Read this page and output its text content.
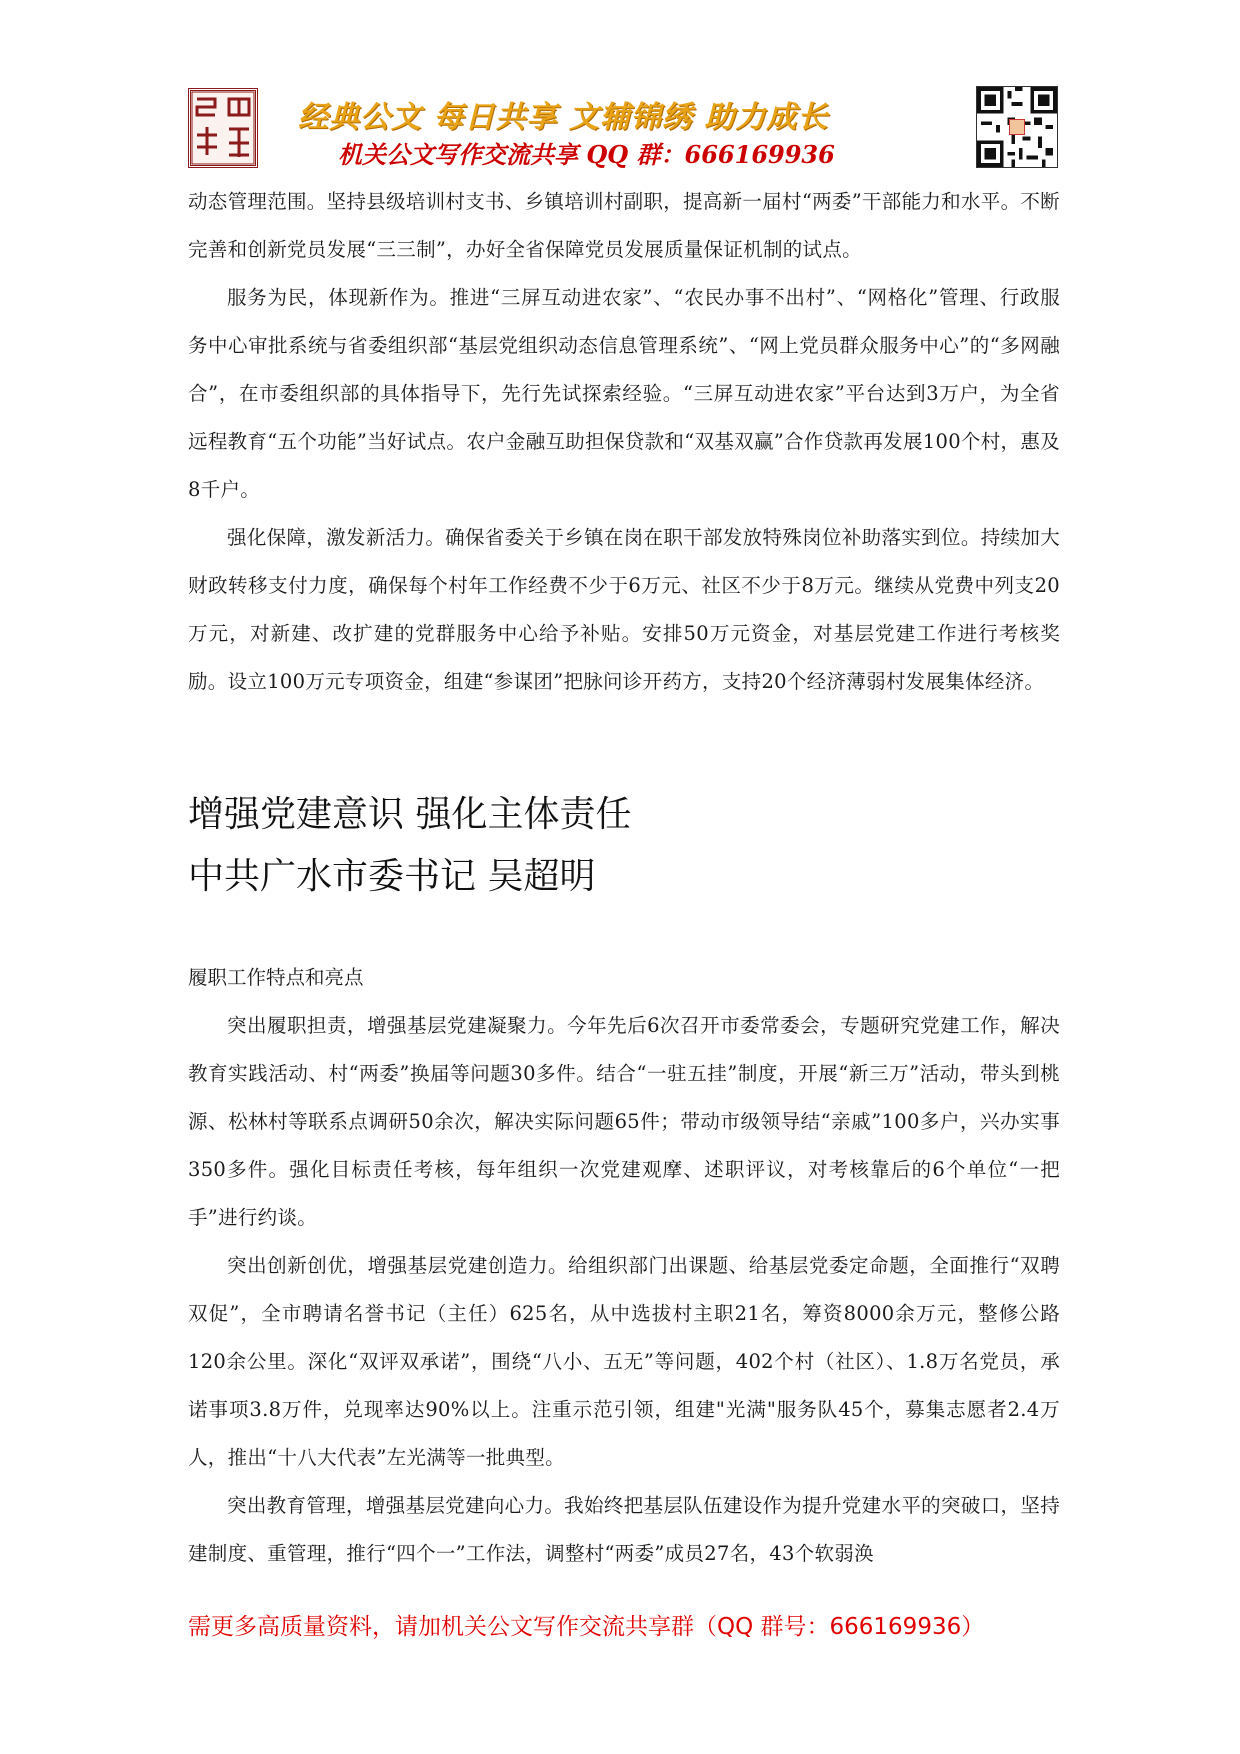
经典公文 每日共享 文辅锦绣 助力成长
机关公文写作交流共享 QQ 群：666169936

动态管理范围。坚持县级培训村支书、乡镇培训村副职，提高新一届村“两委”干部能力和水平。不断完善和创新党员发展“三三制”，办好全省保障党员发展质量保证机制的试点。

服务为民，体现新作为。推进“三屏互动进农家”、“农民办事不出村”、“网格化”管理、行政服务中心审批系统与省委组织部“基层党组织动态信息管理系统”、“网上党员群众服务中心”的“多网融合”，在市委组织部的具体指导下，先行先试探索经验。“三屏互动进农家”平台达到3万户，为全省远程教育“五个功能”当好试点。农户金融互助担保贷款和“双基双赢”合作贷款再发展100个村，惠及8千户。

强化保障，激发新活力。确保省委关于乡镇在岗在职干部发放特殊岗位补助落实到位。持续加大财政转移支付力度，确保每个村年工作经费不少于6万元、社区不少于8万元。继续从党费中列支20万元，对新建、改扩建的党群服务中心给予补贴。安排50万元资金，对基层党建工作进行考核奖励。设立100万元专项资金，组建“参谋团”把脉问诊开药方，支持20个经济薄弱村发展集体经济。

增强党建意识 强化主体责任
中共广水市委书记 吴超明
履职工作特点和亮点

突出履职担责，增强基层党建凝聚力。今年先后6次召开市委常委会，专题研究党建工作，解决教育实践活动、村“两委”换届等问题30多件。结合“一驻五挂”制度，开展“新三万”活动，带头到桃源、松林村等联系点调研50余次，解决实际问题65件；带动市级领导结“亲戚”100多户，兴办实事350多件。强化目标责任考核，每年组织一次党建观摩、述职评议，对考核靠后的6个单位“一把手”进行约谈。

突出创新创优，增强基层党建创造力。给组织部门出课题、给基层党委定命题，全面推行“双聘双促”，全市聘请名誉书记（主任）625名，从中选拔村主职21名，筹资8000余万元，整修公路120余公里。深化“双评双承诺”，围绕“八小、五无”等问题，402个村（社区）、1.8万名党员，承诺事项3.8万件，兑现率达90%以上。注重示范引领，组建"光满"服务队45个，募集志愿者2.4万人，推出“十八大代表”左光满等一批典型。

突出教育管理，增强基层党建向心力。我始终把基层队伍建设作为提升党建水平的突破口，坚持建制度、重管理，推行“四个一”工作法，调整村“两委”成员27名，43个软弱涣

需更多高质量资料，请加机关公文写作交流共享群（QQ 群号：666169936）
